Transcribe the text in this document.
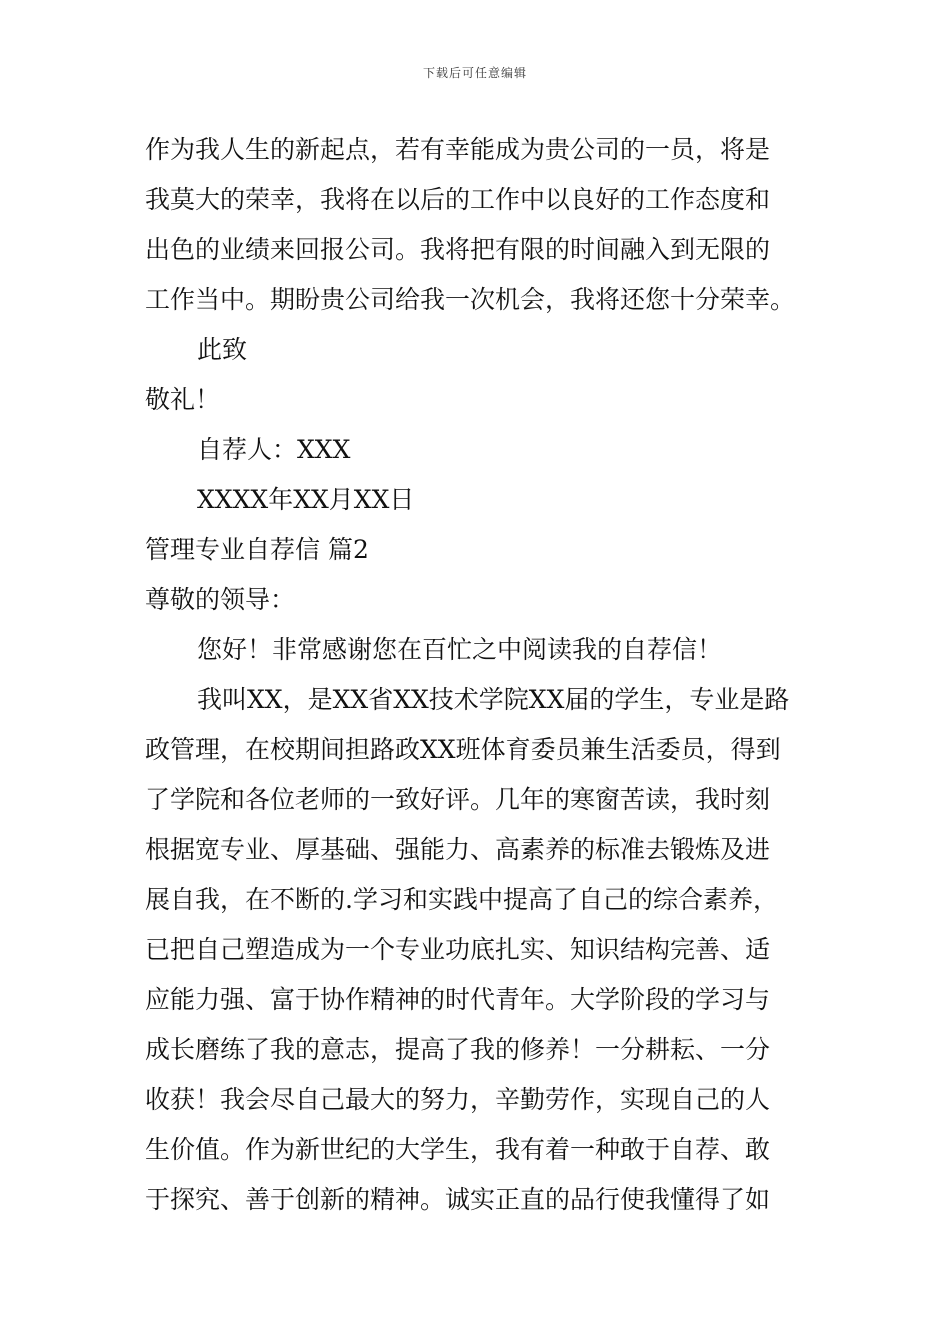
下载后可任意编辑
作为我人生的新起点，若有幸能成为贵公司的一员，将是
我莫大的荣幸，我将在以后的工作中以良好的工作态度和
出色的业绩来回报公司。我将把有限的时间融入到无限的
工作当中。期盼贵公司给我一次机会，我将还您十分荣幸。
此致
敬礼！
自荐人：XXX
XXXX年XX月XX日
管理专业自荐信 篇2
尊敬的领导：
您好！非常感谢您在百忙之中阅读我的自荐信！
我叫XX，是XX省XX技术学院XX届的学生，专业是路
政管理，在校期间担路政XX班体育委员兼生活委员，得到
了学院和各位老师的一致好评。几年的寒窗苦读，我时刻
根据宽专业、厚基础、强能力、高素养的标准去锻炼及进
展自我，在不断的.学习和实践中提高了自己的综合素养，
已把自己塑造成为一个专业功底扎实、知识结构完善、适
应能力强、富于协作精神的时代青年。大学阶段的学习与
成长磨练了我的意志，提高了我的修养！一分耕耘、一分
收获！我会尽自己最大的努力，辛勤劳作，实现自己的人
生价值。作为新世纪的大学生，我有着一种敢于自荐、敢
于探究、善于创新的精神。诚实正直的品行使我懂得了如
